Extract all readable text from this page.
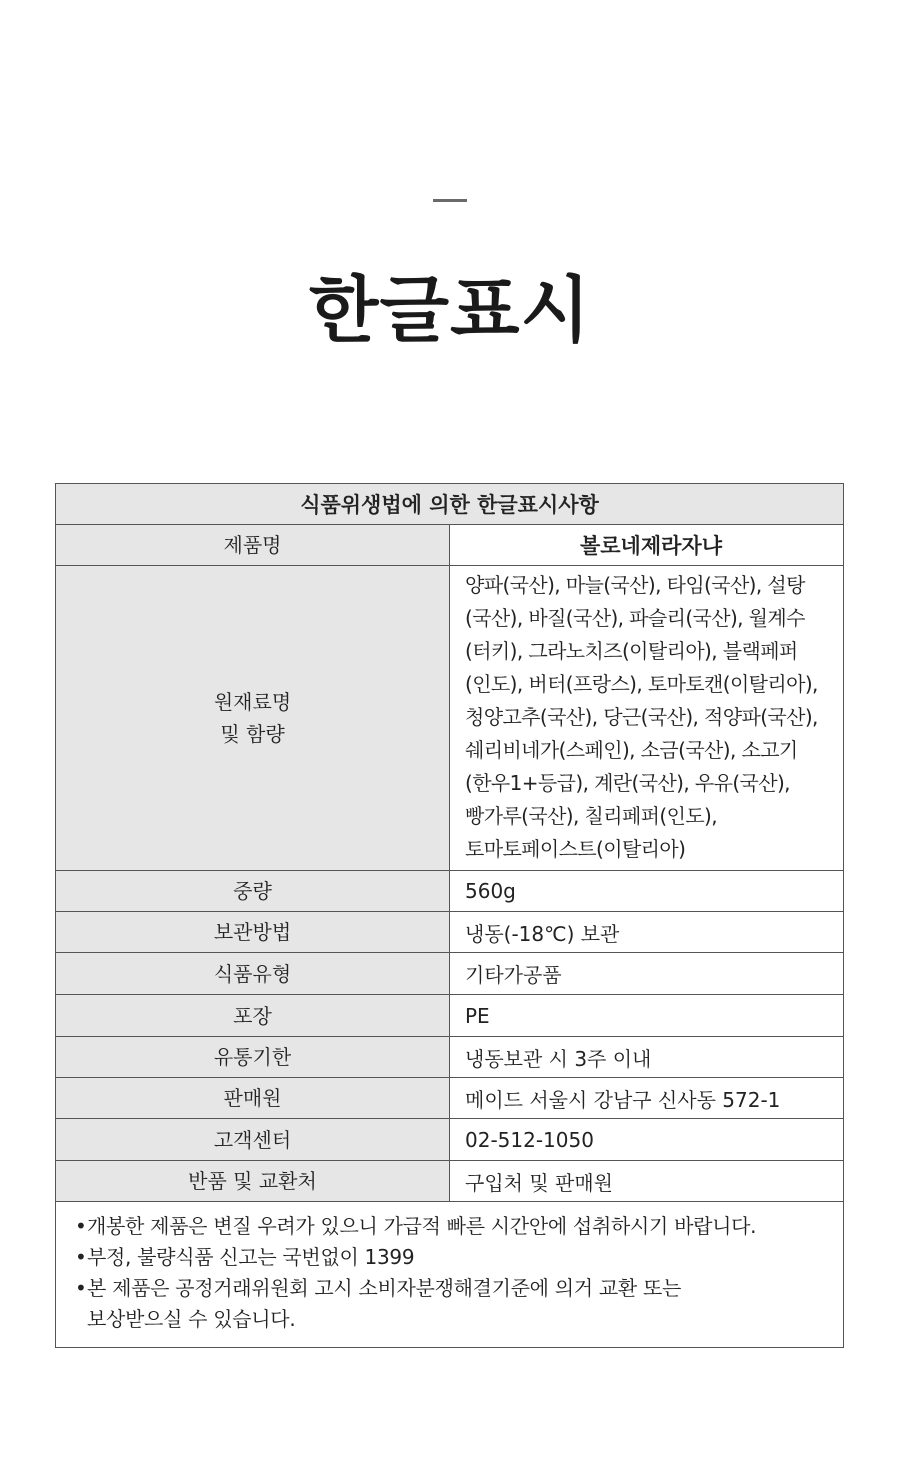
한글표시
식품위생법에 의한 한글표시사항	
제품명	볼로네제라자냐
원재료명
및 함량	양파(국산), 마늘(국산), 타임(국산), 설탕(국산), 바질(국산), 파슬리(국산), 월계수(터키), 그라노치즈(이탈리아), 블랙페퍼(인도), 버터(프랑스), 토마토캔(이탈리아), 청양고추(국산), 당근(국산), 적양파(국산), 쉐리비네가(스페인), 소금(국산), 소고기(한우1+등급), 계란(국산), 우유(국산), 빵가루(국산), 칠리페퍼(인도), 토마토페이스트(이탈리아)
중량	560g
보관방법	냉동(-18℃) 보관
식품유형	기타가공품
포장	PE
유통기한	냉동보관 시 3주 이내
판매원	메이드 서울시 강남구 신사동 572-1
고객센터	02-512-1050
반품 및 교환처	구입처 및 판매원

•개봉한 제품은 변질 우려가 있으니 가급적 빠른 시간안에 섭취하시기 바랍니다.
•부정, 불량식품 신고는 국번없이 1399
•본 제품은 공정거래위원회 고시 소비자분쟁해결기준에 의거 교환 또는
보상받으실 수 있습니다.	
